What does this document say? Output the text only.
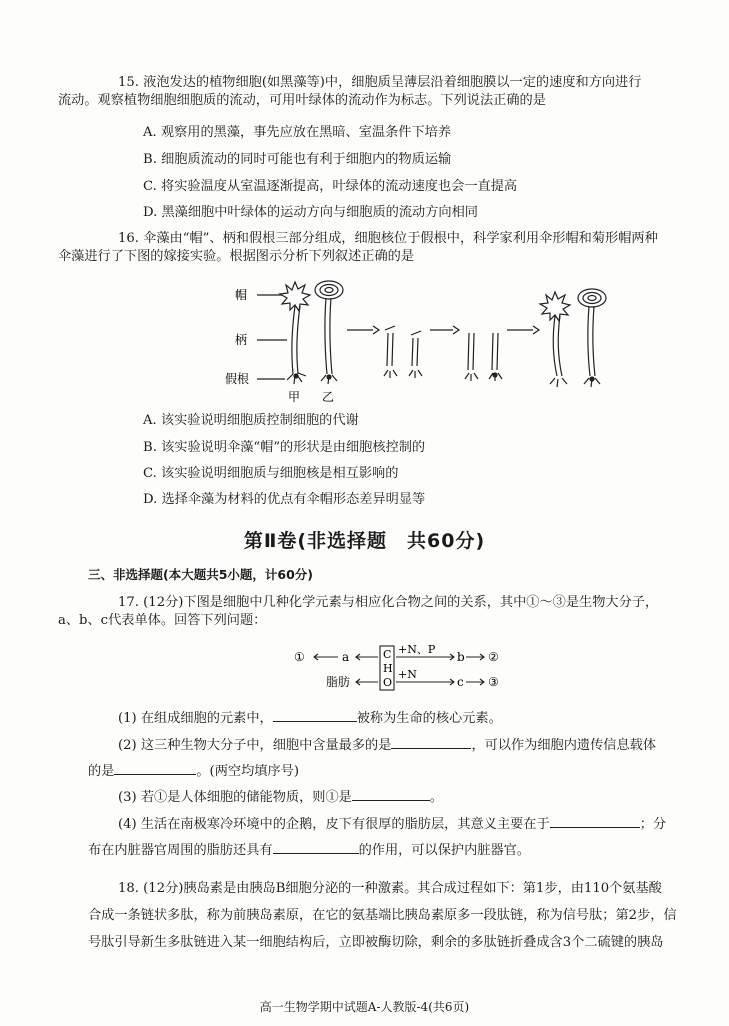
15. 液泡发达的植物细胞(如黑藻等)中，细胞质呈薄层沿着细胞膜以一定的速度和方向进行
流动。观察植物细胞细胞质的流动，可用叶绿体的流动作为标志。下列说法正确的是
A. 观察用的黑藻，事先应放在黑暗、室温条件下培养
B. 细胞质流动的同时可能也有利于细胞内的物质运输
C. 将实验温度从室温逐渐提高，叶绿体的流动速度也会一直提高
D. 黑藻细胞中叶绿体的运动方向与细胞质的流动方向相同
16. 伞藻由“帽”、柄和假根三部分组成，细胞核位于假根中，科学家利用伞形帽和菊形帽两种
伞藻进行了下图的嫁接实验。根据图示分析下列叙述正确的是
帽
柄
假根
甲 乙
A. 该实验说明细胞质控制细胞的代谢
B. 该实验说明伞藻“帽”的形状是由细胞核控制的
C. 该实验说明细胞质与细胞核是相互影响的
D. 选择伞藻为材料的优点有伞帽形态差异明显等
第Ⅱ卷(非选择题　共60分)
三、非选择题(本大题共5小题，计60分)
17. (12分)下图是细胞中几种化学元素与相应化合物之间的关系，其中①～③是生物大分子，
a、b、c代表单体。回答下列问题：
①	a
脂肪
C
H
O
+N、P
+N
b
c
②
③
(1) 在组成细胞的元素中，	被称为生命的核心元素。
(2) 这三种生物大分子中，细胞中含量最多的是	，可以作为细胞内遗传信息载体
的是	。(两空均填序号)
(3) 若①是人体细胞的储能物质，则①是	。
(4) 生活在南极寒冷环境中的企鹅，皮下有很厚的脂肪层，其意义主要在于	；分
布在内脏器官周围的脂肪还具有	的作用，可以保护内脏器官。
18. (12分)胰岛素是由胰岛B细胞分泌的一种激素。其合成过程如下：第1步，由110个氨基酸
合成一条链状多肽，称为前胰岛素原，在它的氨基端比胰岛素原多一段肽链，称为信号肽；第2步，信
号肽引导新生多肽链进入某一细胞结构后，立即被酶切除，剩余的多肽链折叠成含3个二硫键的胰岛
高一生物学期中试题A-人教版-4(共6页)
